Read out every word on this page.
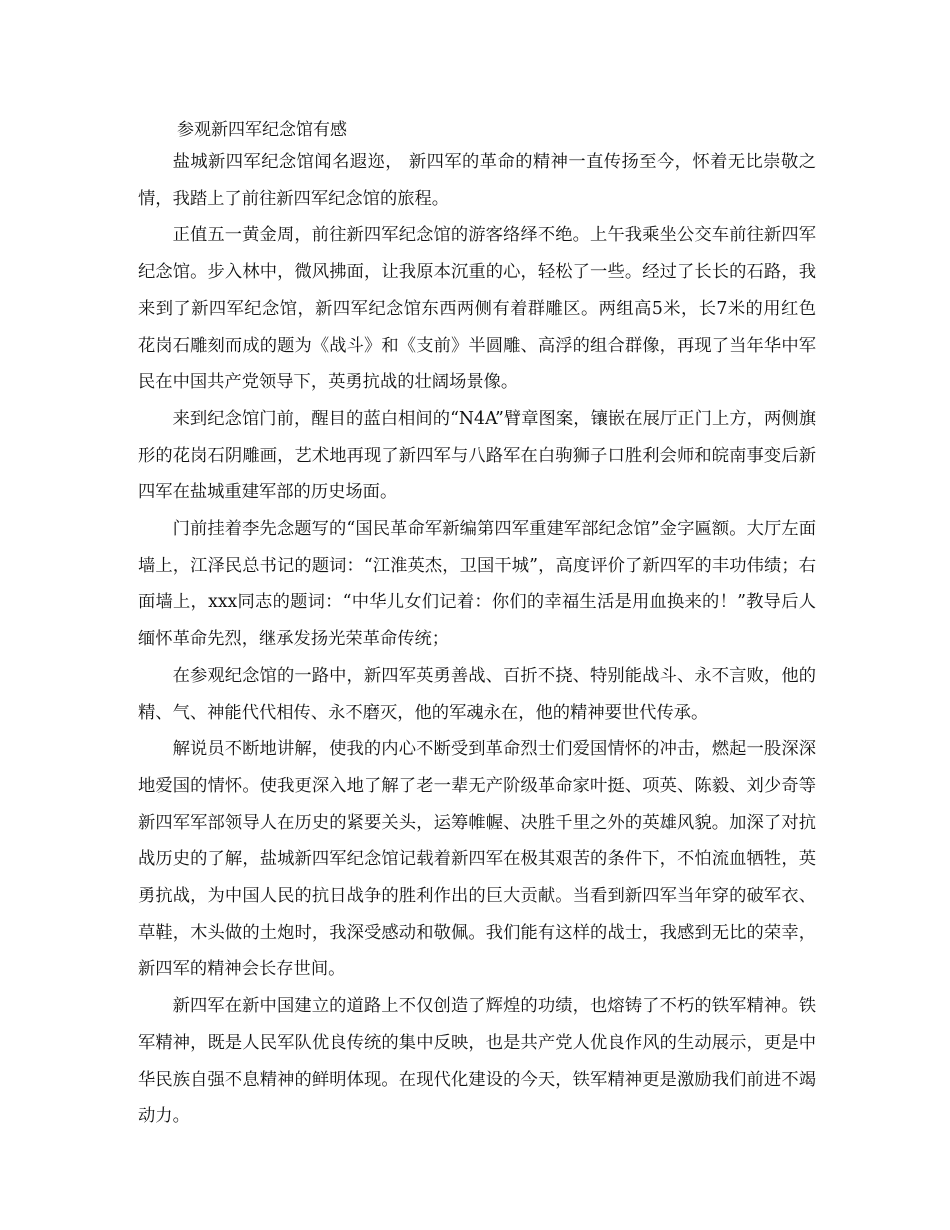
参观新四军纪念馆有感

盐城新四军纪念馆闻名遐迩， 新四军的革命的精神一直传扬至今，怀着无比崇敬之情，我踏上了前往新四军纪念馆的旅程。

正值五一黄金周，前往新四军纪念馆的游客络绎不绝。上午我乘坐公交车前往新四军纪念馆。步入林中，微风拂面，让我原本沉重的心，轻松了一些。经过了长长的石路，我来到了新四军纪念馆，新四军纪念馆东西两侧有着群雕区。两组高5米，长7米的用红色花岗石雕刻而成的题为《战斗》和《支前》半圆雕、高浮的组合群像，再现了当年华中军民在中国共产党领导下，英勇抗战的壮阔场景像。

来到纪念馆门前，醒目的蓝白相间的“N4A”臂章图案，镶嵌在展厅正门上方，两侧旗形的花岗石阴雕画，艺术地再现了新四军与八路军在白驹狮子口胜利会师和皖南事变后新四军在盐城重建军部的历史场面。

门前挂着李先念题写的“国民革命军新编第四军重建军部纪念馆”金字匾额。大厅左面墙上，江泽民总书记的题词：“江淮英杰，卫国干城”，高度评价了新四军的丰功伟绩；右面墙上，xxx同志的题词：“中华儿女们记着：你们的幸福生活是用血换来的！”教导后人缅怀革命先烈，继承发扬光荣革命传统；

在参观纪念馆的一路中，新四军英勇善战、百折不挠、特别能战斗、永不言败，他的精、气、神能代代相传、永不磨灭，他的军魂永在，他的精神要世代传承。

解说员不断地讲解，使我的内心不断受到革命烈士们爱国情怀的冲击，燃起一股深深地爱国的情怀。使我更深入地了解了老一辈无产阶级革命家叶挺、项英、陈毅、刘少奇等新四军军部领导人在历史的紧要关头，运筹帷幄、决胜千里之外的英雄风貌。加深了对抗战历史的了解，盐城新四军纪念馆记载着新四军在极其艰苦的条件下，不怕流血牺牲，英勇抗战，为中国人民的抗日战争的胜利作出的巨大贡献。当看到新四军当年穿的破军衣、草鞋，木头做的土炮时，我深受感动和敬佩。我们能有这样的战士，我感到无比的荣幸，新四军的精神会长存世间。

新四军在新中国建立的道路上不仅创造了辉煌的功绩，也熔铸了不朽的铁军精神。铁军精神，既是人民军队优良传统的集中反映，也是共产党人优良作风的生动展示，更是中华民族自强不息精神的鲜明体现。在现代化建设的今天，铁军精神更是激励我们前进不竭动力。
